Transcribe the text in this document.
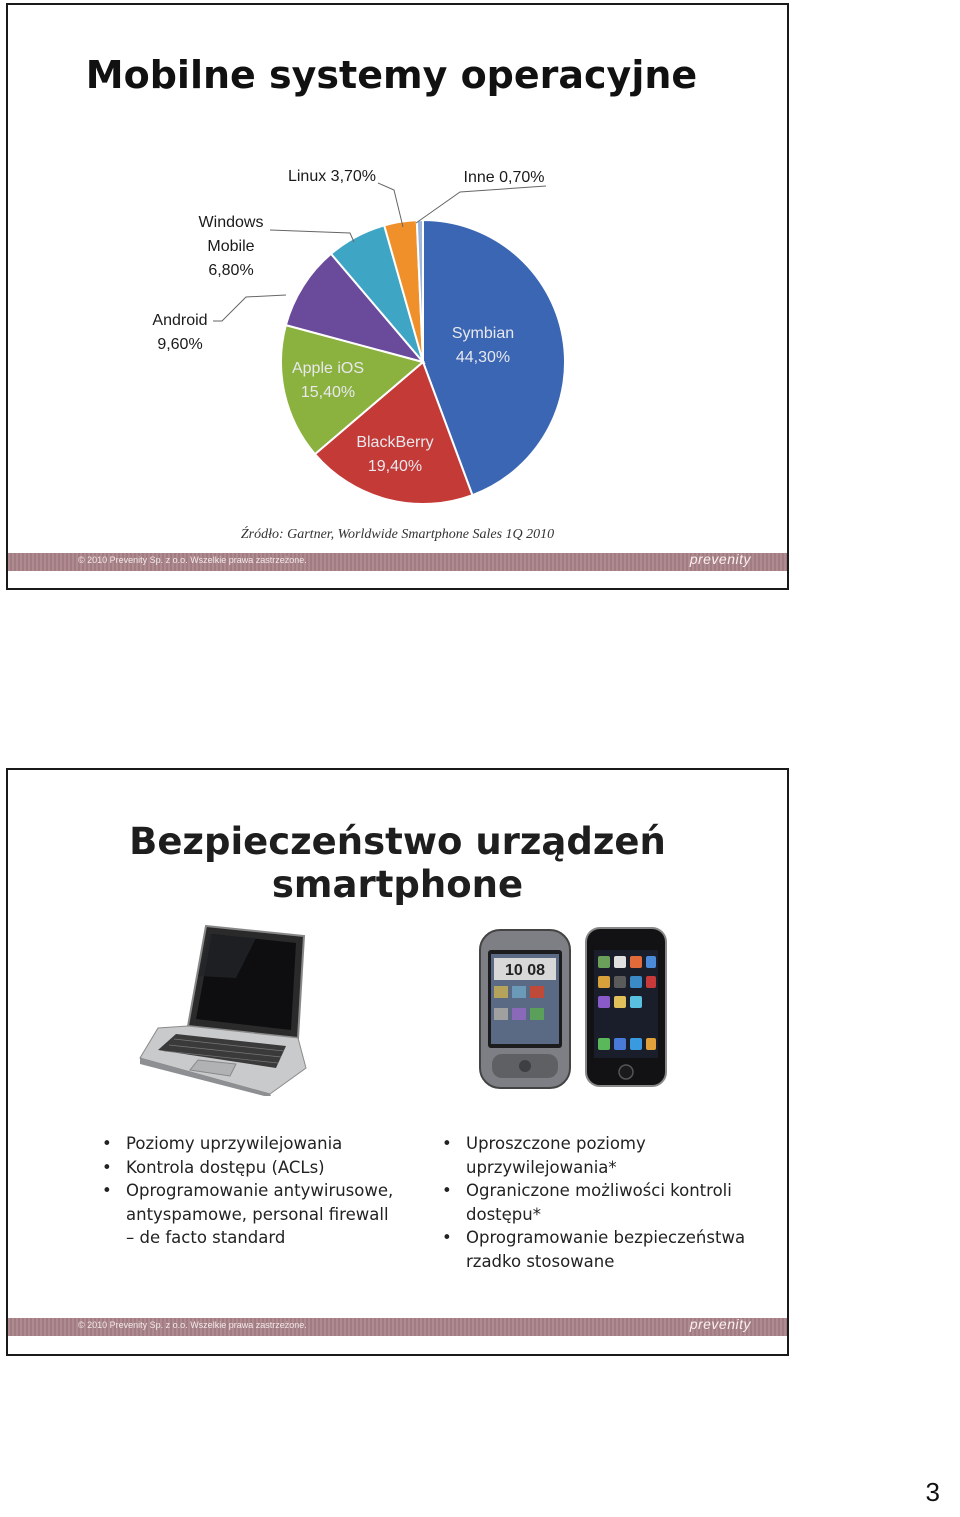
Mobilne systemy operacyjne
Linux 3,70%	Inne 0,70%
Windows
Mobile
6,80%
Android
9,60%
Apple iOS
15,40%
Symbian
44,30%
BlackBerry
19,40%
Źródło: Gartner, Worldwide Smartphone Sales 1Q 2010
© 2010 Prevenity Sp. z o.o. Wszelkie prawa zastrzeżone.	prevenity
Bezpieczeństwo urządzeń smartphone
10 08
• Poziomy uprzywilejowania
• Kontrola dostępu (ACLs)
• Oprogramowanie antywirusowe, antyspamowe, personal firewall – de facto standard
• Uproszczone poziomy uprzywilejowania*
• Ograniczone możliwości kontroli dostępu*
• Oprogramowanie bezpieczeństwa rzadko stosowane
© 2010 Prevenity Sp. z o.o. Wszelkie prawa zastrzeżone.	prevenity
3
